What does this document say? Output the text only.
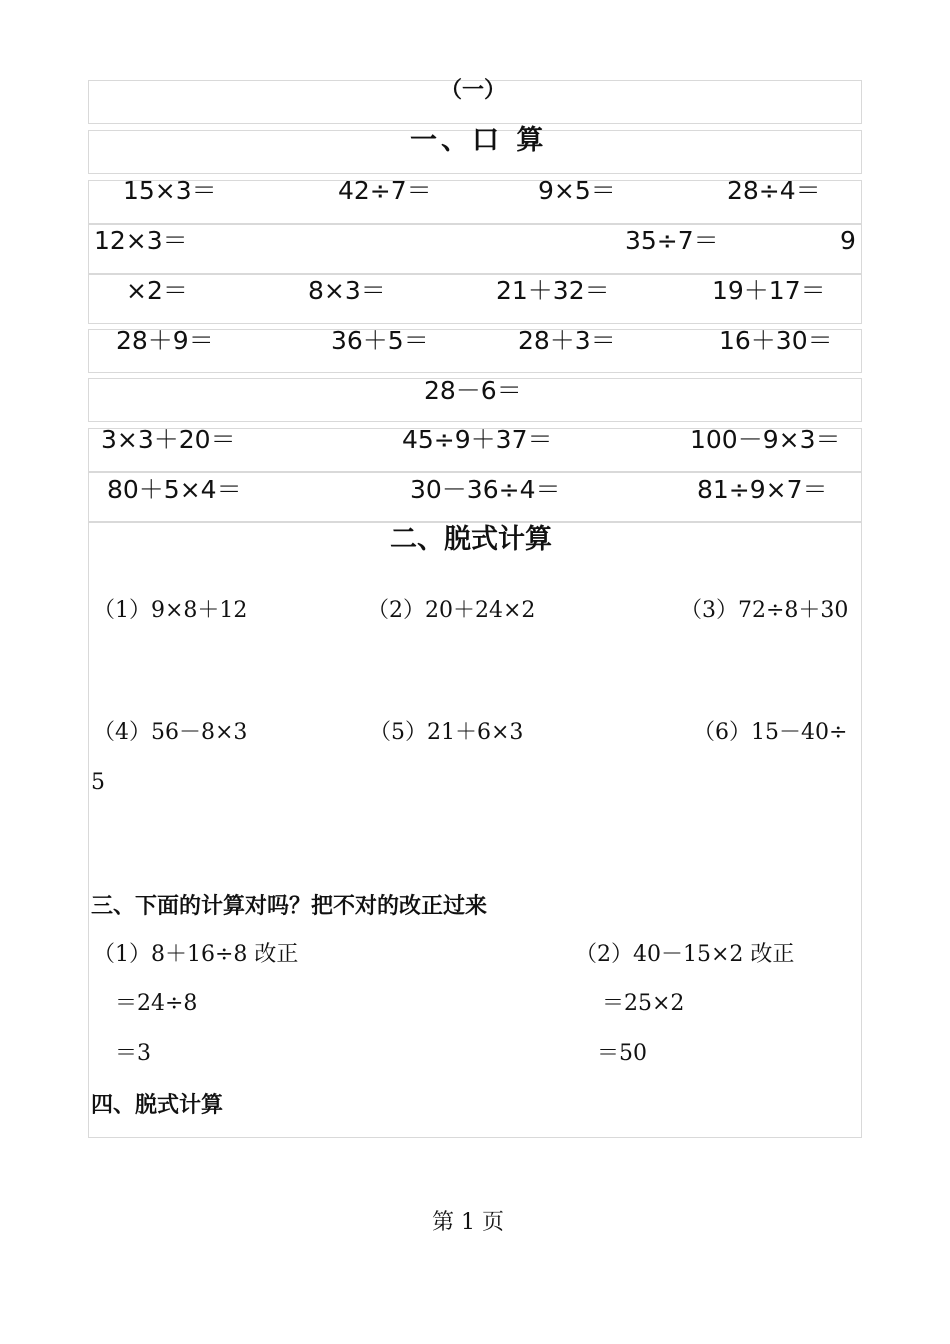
（一）
一、口 算
15×3＝	42÷7＝	9×5＝	28÷4＝
12×3＝	35÷7＝	9
×2＝	8×3＝	21＋32＝	19＋17＝
28＋9＝	36＋5＝	28＋3＝	16＋30＝
28－6＝
3×3＋20＝	45÷9＋37＝	100－9×3＝
80＋5×4＝	30－36÷4＝	81÷9×7＝
二、脱式计算
（1）9×8＋12	（2）20＋24×2	（3）72÷8＋30
（4）56－8×3	（5）21＋6×3	（6）15－40÷
5
三、下面的计算对吗？把不对的改正过来
（1）8＋16÷8 改正
＝24÷8
＝3
（2）40－15×2 改正
＝25×2
＝50
四、脱式计算
第 1 页
